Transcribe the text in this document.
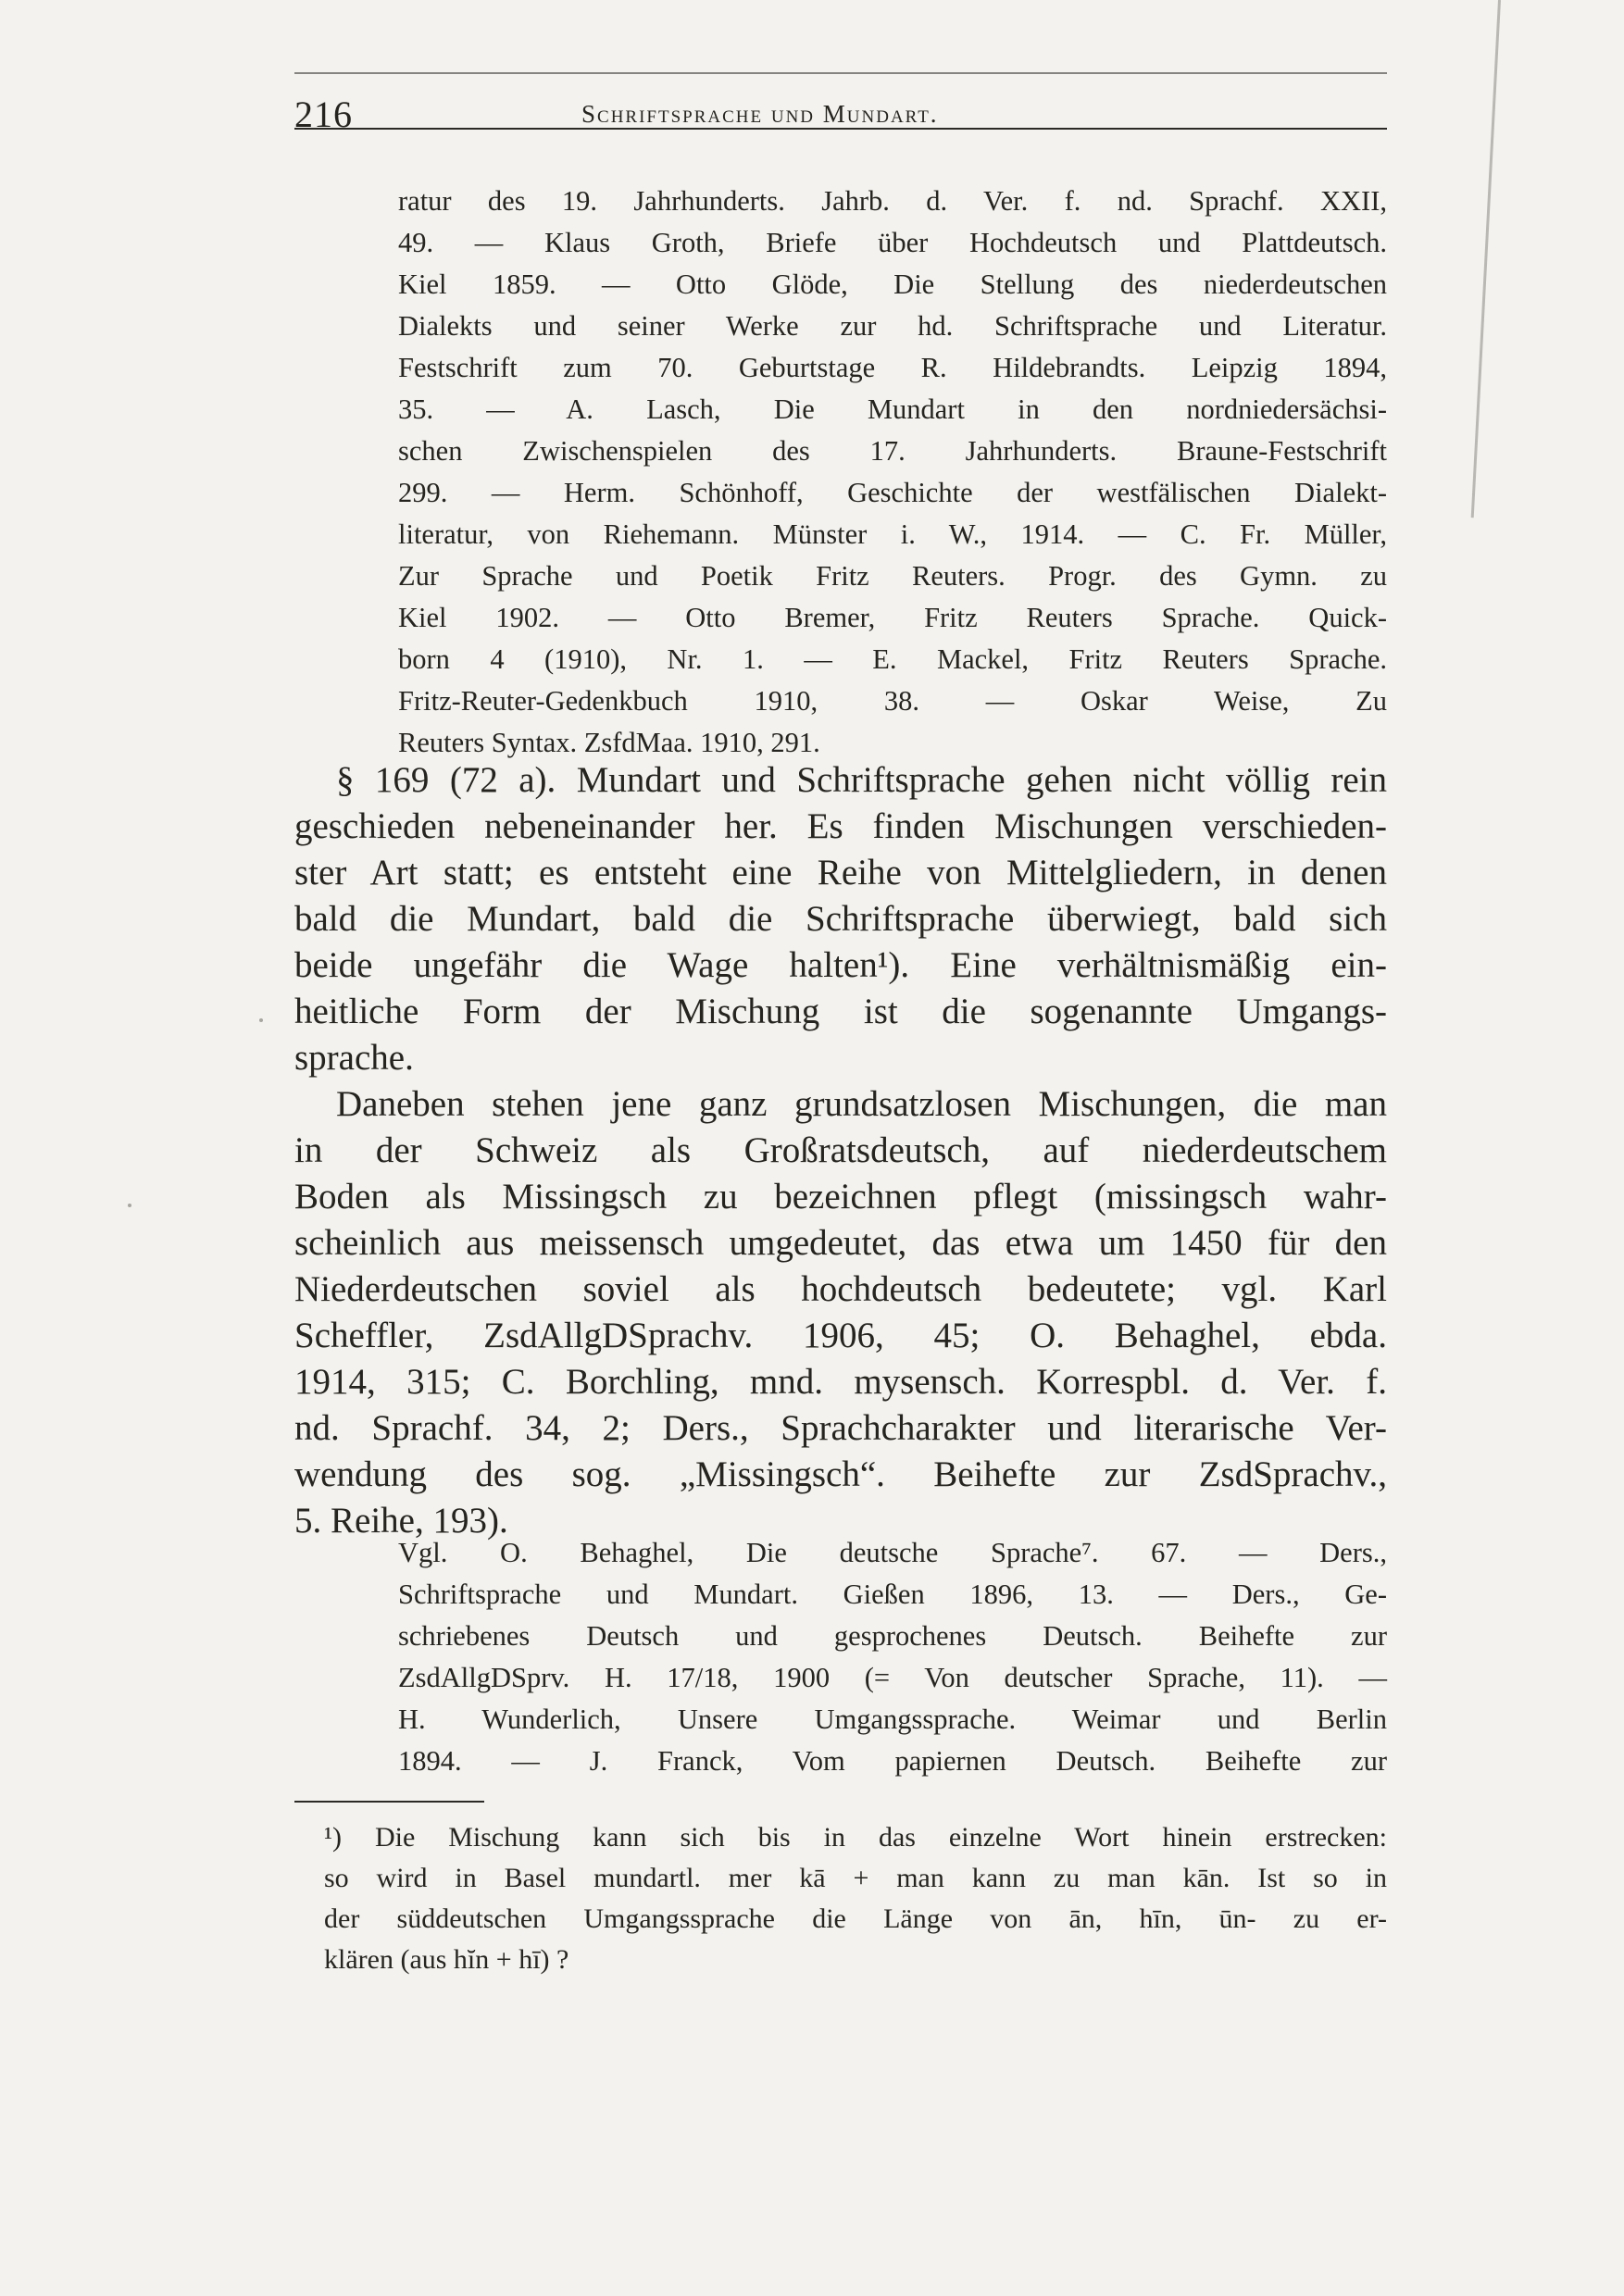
216	Schriftsprache und Mundart.
ratur des 19. Jahrhunderts. Jahrb. d. Ver. f. nd. Sprachf. XXII,
49. — Klaus Groth, Briefe über Hochdeutsch und Plattdeutsch.
Kiel 1859. — Otto Glöde, Die Stellung des niederdeutschen
Dialekts und seiner Werke zur hd. Schriftsprache und Literatur.
Festschrift zum 70. Geburtstage R. Hildebrandts. Leipzig 1894,
35. — A. Lasch, Die Mundart in den nordniedersächsi-
schen Zwischenspielen des 17. Jahrhunderts. Braune-Festschrift
299. — Herm. Schönhoff, Geschichte der westfälischen Dialekt-
literatur, von Riehemann. Münster i. W., 1914. — C. Fr. Müller,
Zur Sprache und Poetik Fritz Reuters. Progr. des Gymn. zu
Kiel 1902. — Otto Bremer, Fritz Reuters Sprache. Quick-
born 4 (1910), Nr. 1. — E. Mackel, Fritz Reuters Sprache.
Fritz-Reuter-Gedenkbuch 1910, 38. — Oskar Weise, Zu
Reuters Syntax. ZsfdMaa. 1910, 291.
§ 169 (72 a). Mundart und Schriftsprache gehen nicht völlig rein
geschieden nebeneinander her. Es finden Mischungen verschieden-
ster Art statt; es entsteht eine Reihe von Mittelgliedern, in denen
bald die Mundart, bald die Schriftsprache überwiegt, bald sich
beide ungefähr die Wage halten¹). Eine verhältnismäßig ein-
heitliche Form der Mischung ist die sogenannte Umgangs-
sprache.
Daneben stehen jene ganz grundsatzlosen Mischungen, die man
in der Schweiz als Großratsdeutsch, auf niederdeutschem
Boden als Missingsch zu bezeichnen pflegt (missingsch wahr-
scheinlich aus meissensch umgedeutet, das etwa um 1450 für den
Niederdeutschen soviel als hochdeutsch bedeutete; vgl. Karl
Scheffler, ZsdAllgDSprachv. 1906, 45; O. Behaghel, ebda.
1914, 315; C. Borchling, mnd. mysensch. Korrespbl. d. Ver. f.
nd. Sprachf. 34, 2; Ders., Sprachcharakter und literarische Ver-
wendung des sog. „Missingsch“. Beihefte zur ZsdSprachv.,
5. Reihe, 193).
Vgl. O. Behaghel, Die deutsche Sprache⁷. 67. — Ders.,
Schriftsprache und Mundart. Gießen 1896, 13. — Ders., Ge-
schriebenes Deutsch und gesprochenes Deutsch. Beihefte zur
ZsdAllgDSprv. H. 17/18, 1900 (= Von deutscher Sprache, 11). —
H. Wunderlich, Unsere Umgangssprache. Weimar und Berlin
1894. — J. Franck, Vom papiernen Deutsch. Beihefte zur
¹) Die Mischung kann sich bis in das einzelne Wort hinein erstrecken:
so wird in Basel mundartl. mer kā + man kann zu man kān. Ist so in
der süddeutschen Umgangssprache die Länge von ān, hīn, ūn- zu er-
klären (aus hĭn + hī) ?
